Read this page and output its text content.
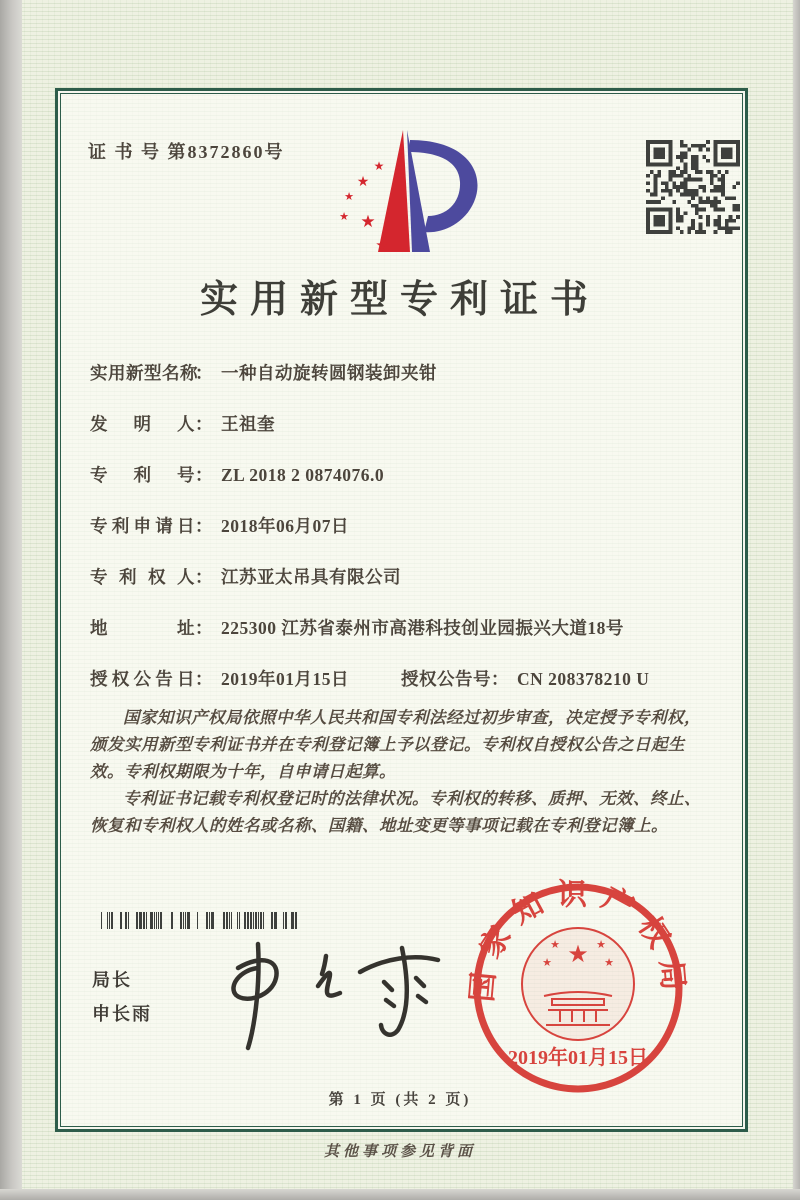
证 书 号 第8372860号
★
★
★
★ ★
★
实用新型专利证书
实用新型名称： 一种自动旋转圆钢装卸夹钳
发明人： 王祖奎
专利号： ZL 2018 2 0874076.0
专利申请日： 2018年06月07日
专利权人： 江苏亚太吊具有限公司
地址： 225300 江苏省泰州市高港科技创业园振兴大道18号
授权公告日： 2019年01月15日	授权公告号： CN 208378210 U

国家知识产权局依照中华人民共和国专利法经过初步审查，决定授予专利权，颁发实用新型专利证书并在专利登记簿上予以登记。专利权自授权公告之日起生效。专利权期限为十年，自申请日起算。

专利证书记载专利权登记时的法律状况。专利权的转移、质押、无效、终止、恢复和专利权人的姓名或名称、国籍、地址变更等事项记载在专利登记簿上。

局长
申长雨
国家知识产权局
★
★	★
★	★
2019年01月15日
第 1 页 (共 2 页)
其他事项参见背面
